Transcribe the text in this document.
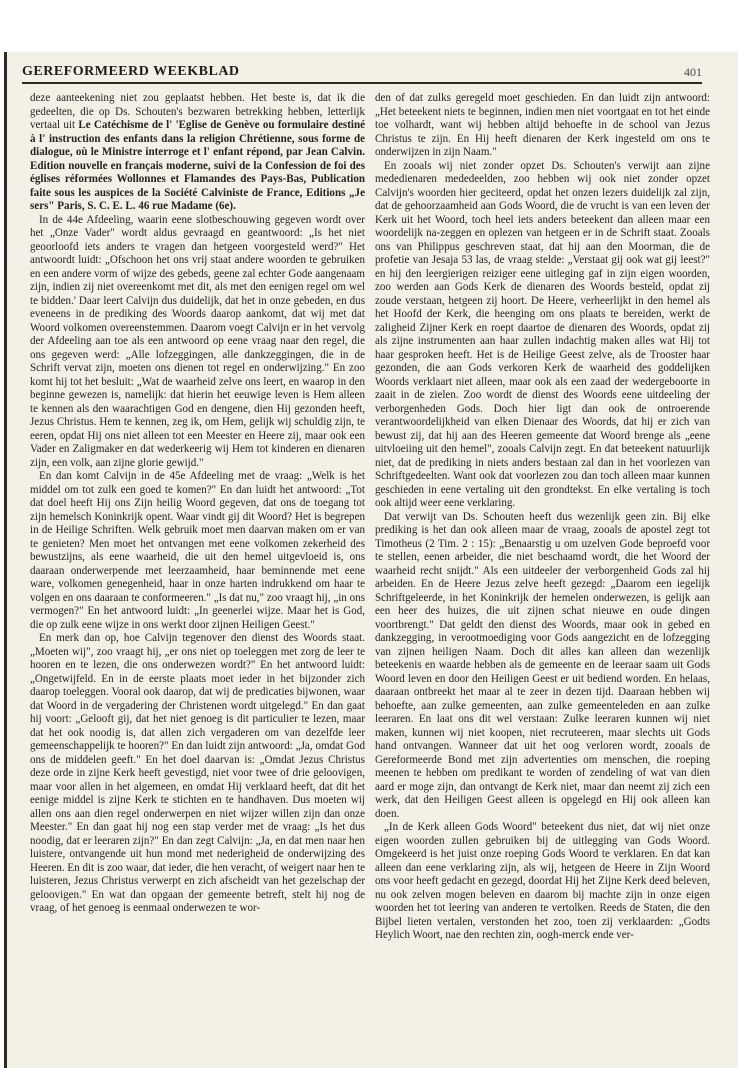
GEREFORMEERD WEEKBLAD	401

deze aanteekening niet zou geplaatst hebben. Het beste is, dat ik die gedeelten, die op Ds. Schouten's bezwaren betrekking hebben, letterlijk vertaal uit Le Catéchisme de l' 'Eglise de Genève ou formulaire destiné à l' instruction des enfants dans la religion Chrétienne, sous forme de dialogue, où le Ministre interroge et l' enfant répond, par Jean Calvin. Edition nouvelle en français moderne, suivi de la Confession de foi des églises réformées Wollonnes et Flamandes des Pays-Bas, Publication faite sous les auspices de la Société Calviniste de France, Editions „Je sers" Paris, S. C. E. L. 46 rue Madame (6e).

In de 44e Afdeeling, waarin eene slotbeschouwing gegeven wordt over het „Onze Vader" wordt aldus gevraagd en geantwoord: „Is het niet geoorloofd iets anders te vragen dan hetgeen voorgesteld werd?" Het antwoordt luidt: „Ofschoon het ons vrij staat andere woorden te gebruiken en een andere vorm of wijze des gebeds, geene zal echter Gode aangenaam zijn, indien zij niet overeenkomt met dit, als met den eenigen regel om wel te bidden.' Daar leert Calvijn dus duidelijk, dat het in onze gebeden, en dus eveneens in de prediking des Woords daarop aankomt, dat wij met dat Woord volkomen overeenstemmen. Daarom voegt Calvijn er in het vervolg der Afdeeling aan toe als een antwoord op eene vraag naar den regel, die ons gegeven werd: „Alle lofzeggingen, alle dankzeggingen, die in de Schrift vervat zijn, moeten ons dienen tot regel en onderwijzing." En zoo komt hij tot het besluit: „Wat de waarheid zelve ons leert, en waarop in den beginne gewezen is, namelijk: dat hierin het eeuwige leven is Hem alleen te kennen als den waarachtigen God en dengene, dien Hij gezonden heeft, Jezus Christus. Hem te kennen, zeg ik, om Hem, gelijk wij schuldig zijn, te eeren, opdat Hij ons niet alleen tot een Meester en Heere zij, maar ook een Vader en Zaligmaker en dat wederkeerig wij Hem tot kinderen en dienaren zijn, een volk, aan zijne glorie gewijd."

En dan komt Calvijn in de 45e Afdeeling met de vraag: „Welk is het middel om tot zulk een goed te komen?" En dan luidt het antwoord: „Tot dat doel heeft Hij ons Zijn heilig Woord gegeven, dat ons de toegang tot zijn hemelsch Koninkrijk opent. Waar vindt gij dit Woord? Het is begrepen in de Heilige Schriften. Welk gebruik moet men daarvan maken om er van te genieten? Men moet het ontvangen met eene volkomen zekerheid des bewustzijns, als eene waarheid, die uit den hemel uitgevloeid is, ons daaraan onderwerpende met leerzaamheid, haar beminnende met eene ware, volkomen genegenheid, haar in onze harten indrukkend om haar te volgen en ons daaraan te conformeeren." „Is dat nu," zoo vraagt hij, „in ons vermogen?" En het antwoord luidt: „In geenerlei wijze. Maar het is God, die op zulk eene wijze in ons werkt door zijnen Heiligen Geest."

En merk dan op, hoe Calvijn tegenover den dienst des Woords staat. „Moeten wij", zoo vraagt hij, „er ons niet op toeleggen met zorg de leer te hooren en te lezen, die ons onderwezen wordt?" En het antwoord luidt: „Ongetwijfeld. En in de eerste plaats moet ieder in het bijzonder zich daarop toeleggen. Vooral ook daarop, dat wij de predicaties bijwonen, waar dat Woord in de vergadering der Christenen wordt uitgelegd." En dan gaat hij voort: „Gelooft gij, dat het niet genoeg is dit particulier te lezen, maar dat het ook noodig is, dat allen zich vergaderen om van dezelfde leer gemeenschappelijk te hooren?" En dan luidt zijn antwoord: „Ja, omdat God ons de middelen geeft." En het doel daarvan is: „Omdat Jezus Christus deze orde in zijne Kerk heeft gevestigd, niet voor twee of drie geloovigen, maar voor allen in het algemeen, en omdat Hij verklaard heeft, dat dit het eenige middel is zijne Kerk te stichten en te handhaven. Dus moeten wij allen ons aan dien regel onderwerpen en niet wijzer willen zijn dan onze Meester." En dan gaat hij nog een stap verder met de vraag: „Is het dus noodig, dat er leeraren zijn?" En dan zegt Calvijn: „Ja, en dat men naar hen luistere, ontvangende uit hun mond met nederigheid de onderwijzing des Heeren. En dit is zoo waar, dat ieder, die hen veracht, of weigert naar hen te luisteren, Jezus Christus verwerpt en zich afscheidt van het gezelschap der geloovigen." En wat dan opgaan der gemeente betreft, stelt hij nog de vraag, of het genoeg is eenmaal onderwezen te wor-

den of dat zulks geregeld moet geschieden. En dan luidt zijn antwoord: „Het beteekent niets te beginnen, indien men niet voortgaat en tot het einde toe volhardt, want wij hebben altijd behoefte in de school van Jezus Christus te zijn. En Hij heeft dienaren der Kerk ingesteld om ons te onderwijzen in zijn Naam."

En zooals wij niet zonder opzet Ds. Schouten's verwijt aan zijne mededienaren mededeelden, zoo hebben wij ook niet zonder opzet Calvijn's woorden hier geciteerd, opdat het onzen lezers duidelijk zal zijn, dat de gehoorzaamheid aan Gods Woord, die de vrucht is van een leven der Kerk uit het Woord, toch heel iets anders beteekent dan alleen maar een woordelijk na-zeggen en oplezen van hetgeen er in de Schrift staat. Zooals ons van Philippus geschreven staat, dat hij aan den Moorman, die de profetie van Jesaja 53 las, de vraag stelde: „Verstaat gij ook wat gij leest?" en hij den leergierigen reiziger eene uitleging gaf in zijn eigen woorden, zoo werden aan Gods Kerk de dienaren des Woords besteld, opdat zij zoude verstaan, hetgeen zij hoort. De Heere, verheerlijkt in den hemel als het Hoofd der Kerk, die heenging om ons plaats te bereiden, werkt de zaligheid Zijner Kerk en roept daartoe de dienaren des Woords, opdat zij als zijne instrumenten aan haar zullen indachtig maken alles wat Hij tot haar gesproken heeft. Het is de Heilige Geest zelve, als de Trooster haar gezonden, die aan Gods verkoren Kerk de waarheid des goddelijken Woords verklaart niet alleen, maar ook als een zaad der wedergeboorte in zaait in de zielen. Zoo wordt de dienst des Woords eene uitdeeling der verborgenheden Gods. Doch hier ligt dan ook de ontroerende verantwoordelijkheid van elken Dienaar des Woords, dat hij er zich van bewust zij, dat hij aan des Heeren gemeente dat Woord brenge als „eene uitvloeiing uit den hemel", zooals Calvijn zegt. En dat beteekent natuurlijk niet, dat de prediking in niets anders bestaan zal dan in het voorlezen van Schriftgedeelten. Want ook dat voorlezen zou dan toch alleen maar kunnen geschieden in eene vertaling uit den grondtekst. En elke vertaling is toch ook altijd weer eene verklaring.

Dat verwijt van Ds. Schouten heeft dus wezenlijk geen zin. Bij elke prediking is het dan ook alleen maar de vraag, zooals de apostel zegt tot Timotheus (2 Tim. 2 : 15): „Benaarstig u om uzelven Gode beproefd voor te stellen, eenen arbeider, die niet beschaamd wordt, die het Woord der waarheid recht snijdt." Als een uitdeeler der verborgenheid Gods zal hij arbeiden. En de Heere Jezus zelve heeft gezegd: „Daarom een iegelijk Schriftgeleerde, in het Koninkrijk der hemelen onderwezen, is gelijk aan een heer des huizes, die uit zijnen schat nieuwe en oude dingen voortbrengt." Dat geldt den dienst des Woords, maar ook in gebed en dankzegging, in verootmoediging voor Gods aangezicht en de lofzegging van zijnen heiligen Naam. Doch dit alles kan alleen dan wezenlijk beteekenis en waarde hebben als de gemeente en de leeraar saam uit Gods Woord leven en door den Heiligen Geest er uit bediend worden. En helaas, daaraan ontbreekt het maar al te zeer in dezen tijd. Daaraan hebben wij behoefte, aan zulke gemeenten, aan zulke gemeenteleden en aan zulke leeraren. En laat ons dit wel verstaan: Zulke leeraren kunnen wij niet maken, kunnen wij niet koopen, niet recruteeren, maar slechts uit Gods hand ontvangen. Wanneer dat uit het oog verloren wordt, zooals de Gereformeerde Bond met zijn advertenties om menschen, die roeping meenen te hebben om predikant te worden of zendeling of wat van dien aard er moge zijn, dan ontvangt de Kerk niet, maar dan neemt zij zich een werk, dat den Heiligen Geest alleen is opgelegd en Hij ook alleen kan doen.

„In de Kerk alleen Gods Woord" beteekent dus niet, dat wij niet onze eigen woorden zullen gebruiken bij de uitlegging van Gods Woord. Omgekeerd is het juist onze roeping Gods Woord te verklaren. En dat kan alleen dan eene verklaring zijn, als wij, hetgeen de Heere in Zijn Woord ons voor heeft gedacht en gezegd, doordat Hij het Zijne Kerk deed beleven, nu ook zelven mogen beleven en daarom bij machte zijn in onze eigen woorden het tot leering van anderen te vertolken. Reeds de Staten, die den Bijbel lieten vertalen, verstonden het zoo, toen zij verklaarden: „Godts Heylich Woort, nae den rechten zin, oogh-merck ende ver-
